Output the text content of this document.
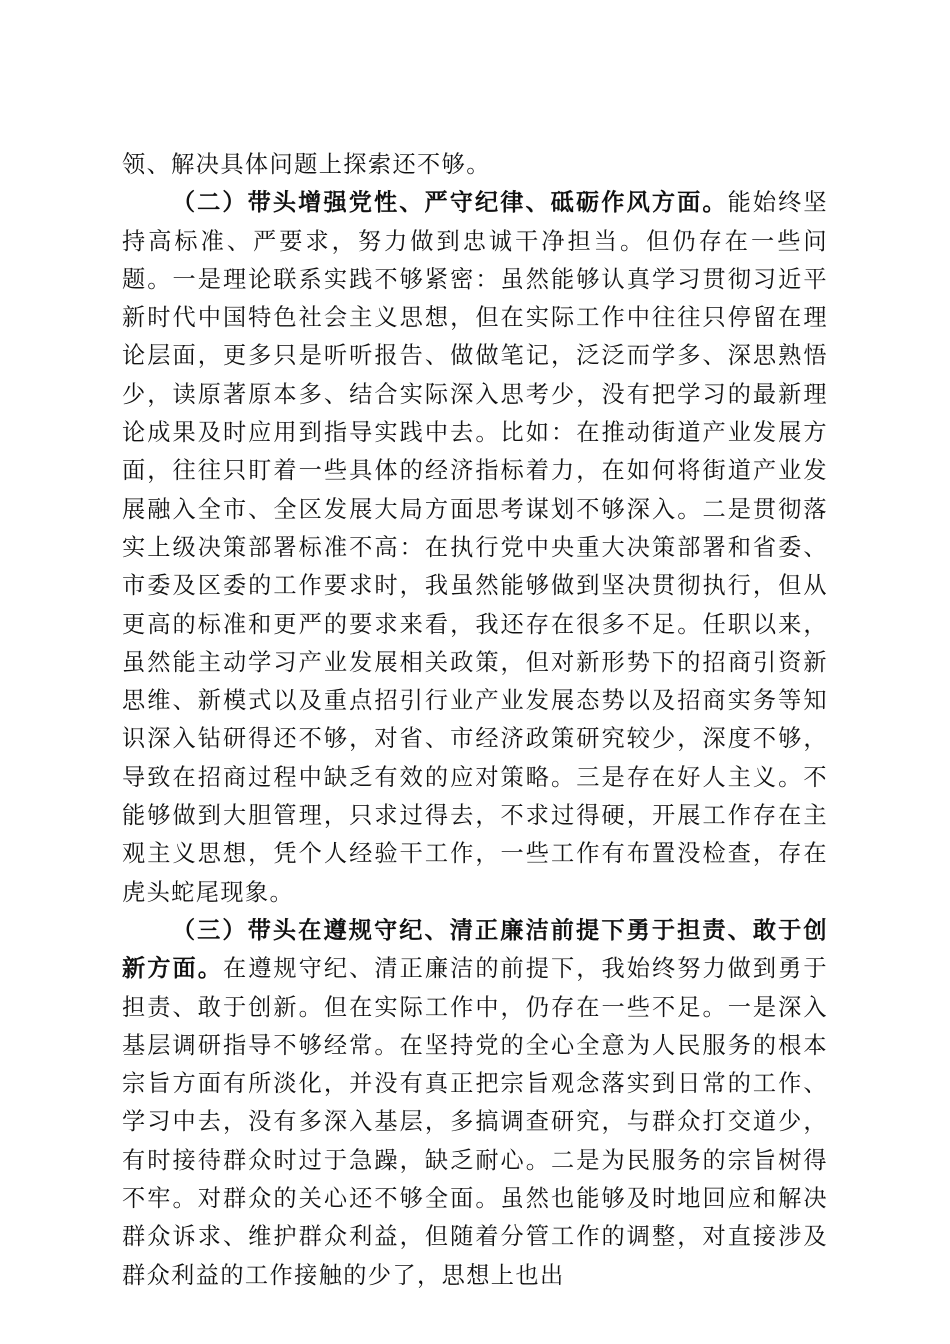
领、解决具体问题上探索还不够。

（二）带头增强党性、严守纪律、砥砺作风方面。能始终坚持高标准、严要求，努力做到忠诚干净担当。但仍存在一些问题。一是理论联系实践不够紧密：虽然能够认真学习贯彻习近平新时代中国特色社会主义思想，但在实际工作中往往只停留在理论层面，更多只是听听报告、做做笔记，泛泛而学多、深思熟悟少，读原著原本多、结合实际深入思考少，没有把学习的最新理论成果及时应用到指导实践中去。比如：在推动街道产业发展方面，往往只盯着一些具体的经济指标着力，在如何将街道产业发展融入全市、全区发展大局方面思考谋划不够深入。二是贯彻落实上级决策部署标准不高：在执行党中央重大决策部署和省委、市委及区委的工作要求时，我虽然能够做到坚决贯彻执行，但从更高的标准和更严的要求来看，我还存在很多不足。任职以来，虽然能主动学习产业发展相关政策，但对新形势下的招商引资新思维、新模式以及重点招引行业产业发展态势以及招商实务等知识深入钻研得还不够，对省、市经济政策研究较少，深度不够，导致在招商过程中缺乏有效的应对策略。三是存在好人主义。不能够做到大胆管理，只求过得去，不求过得硬，开展工作存在主观主义思想，凭个人经验干工作，一些工作有布置没检查，存在虎头蛇尾现象。

（三）带头在遵规守纪、清正廉洁前提下勇于担责、敢于创新方面。在遵规守纪、清正廉洁的前提下，我始终努力做到勇于担责、敢于创新。但在实际工作中，仍存在一些不足。一是深入基层调研指导不够经常。在坚持党的全心全意为人民服务的根本宗旨方面有所淡化，并没有真正把宗旨观念落实到日常的工作、学习中去，没有多深入基层，多搞调查研究，与群众打交道少，有时接待群众时过于急躁，缺乏耐心。二是为民服务的宗旨树得不牢。对群众的关心还不够全面。虽然也能够及时地回应和解决群众诉求、维护群众利益，但随着分管工作的调整，对直接涉及群众利益的工作接触的少了，思想上也出
